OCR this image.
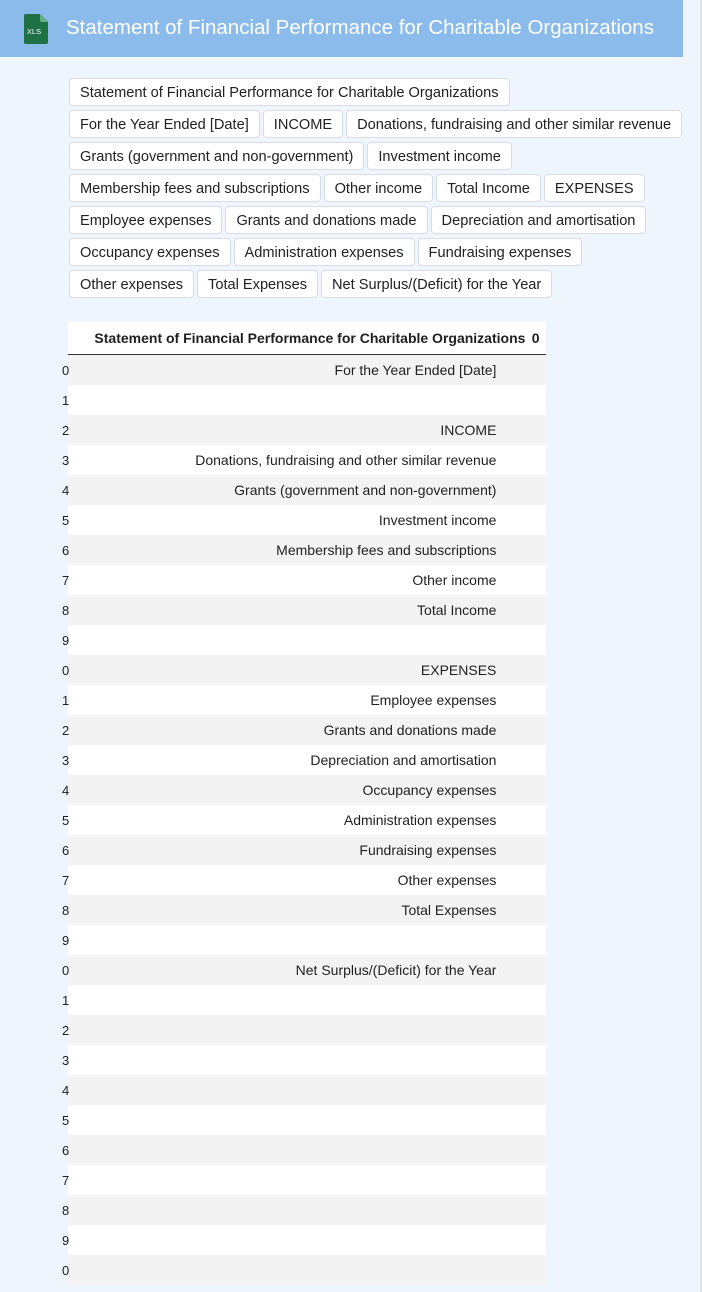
XLS Statement of Financial Performance for Charitable Organizations
Statement of Financial Performance for Charitable Organizations
For the Year Ended [Date]	INCOME	Donations, fundraising and other similar revenue
Grants (government and non-government)	Investment income
Membership fees and subscriptions	Other income	Total Income	EXPENSES
Employee expenses	Grants and donations made	Depreciation and amortisation
Occupancy expenses	Administration expenses	Fundraising expenses
Other expenses	Total Expenses	Net Surplus/(Deficit) for the Year
	Statement of Financial Performance for Charitable Organizations	0

0	For the Year Ended [Date]	

1		

2	INCOME	

3	Donations, fundraising and other similar revenue	

4	Grants (government and non-government)	

5	Investment income	

6	Membership fees and subscriptions	

7	Other income	

8	Total Income	

9		

0	EXPENSES	

1	Employee expenses	

2	Grants and donations made	

3	Depreciation and amortisation	

4	Occupancy expenses	

5	Administration expenses	

6	Fundraising expenses	

7	Other expenses	

8	Total Expenses	

9		

0	Net Surplus/(Deficit) for the Year	

1		

2		

3		

4		

5		

6		

7		

8		

9		

0		
